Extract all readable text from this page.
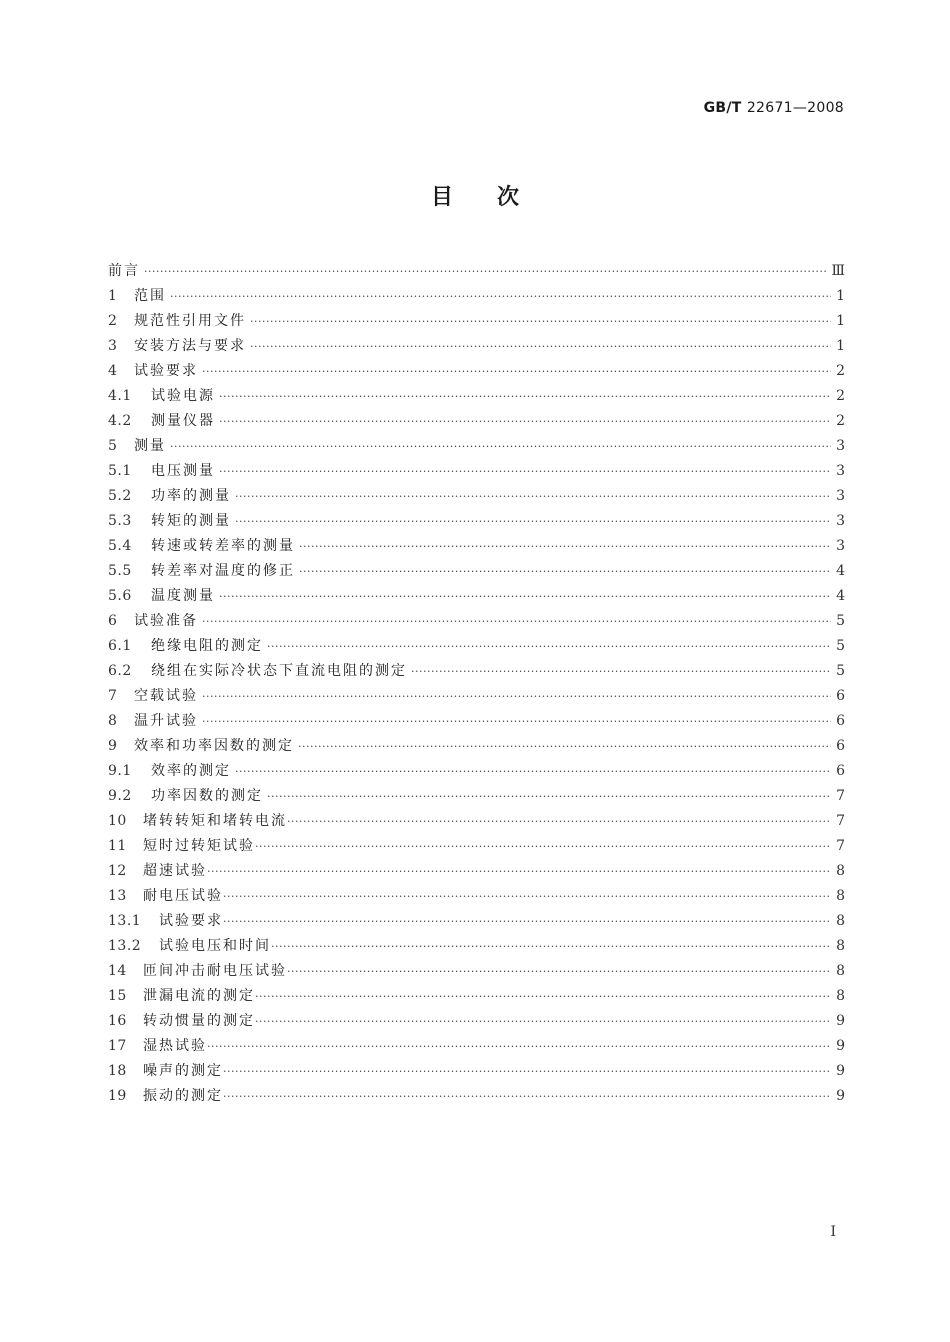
GB/T 22671—2008
目次
前言 ·····	Ⅲ
1	范围 ·····	1
2	规范性引用文件 ·····	1
3	安装方法与要求 ·····	1
4	试验要求 ·····	2
4.1	试验电源 ·····	2
4.2	测量仪器 ·····	2
5	测量 ·····	3
5.1	电压测量 ·····	3
5.2	功率的测量 ·····	3
5.3	转矩的测量 ·····	3
5.4	转速或转差率的测量 ·····	3
5.5	转差率对温度的修正 ·····	4
5.6	温度测量 ·····	4
6	试验准备 ·····	5
6.1	绝缘电阻的测定 ·····	5
6.2	绕组在实际冷状态下直流电阻的测定 ·····	5
7	空载试验 ·····	6
8	温升试验 ·····	6
9	效率和功率因数的测定 ·····	6
9.1	效率的测定 ·····	6
9.2	功率因数的测定 ·····	7
10	堵转转矩和堵转电流 ·····	7
11	短时过转矩试验 ·····	7
12	超速试验 ·····	8
13	耐电压试验 ·····	8
13.1	试验要求 ·····	8
13.2	试验电压和时间 ·····	8
14	匝间冲击耐电压试验 ·····	8
15	泄漏电流的测定 ·····	8
16	转动惯量的测定 ·····	9
17	湿热试验 ·····	9
18	噪声的测定 ·····	9
19	振动的测定 ·····	9
Ⅰ
